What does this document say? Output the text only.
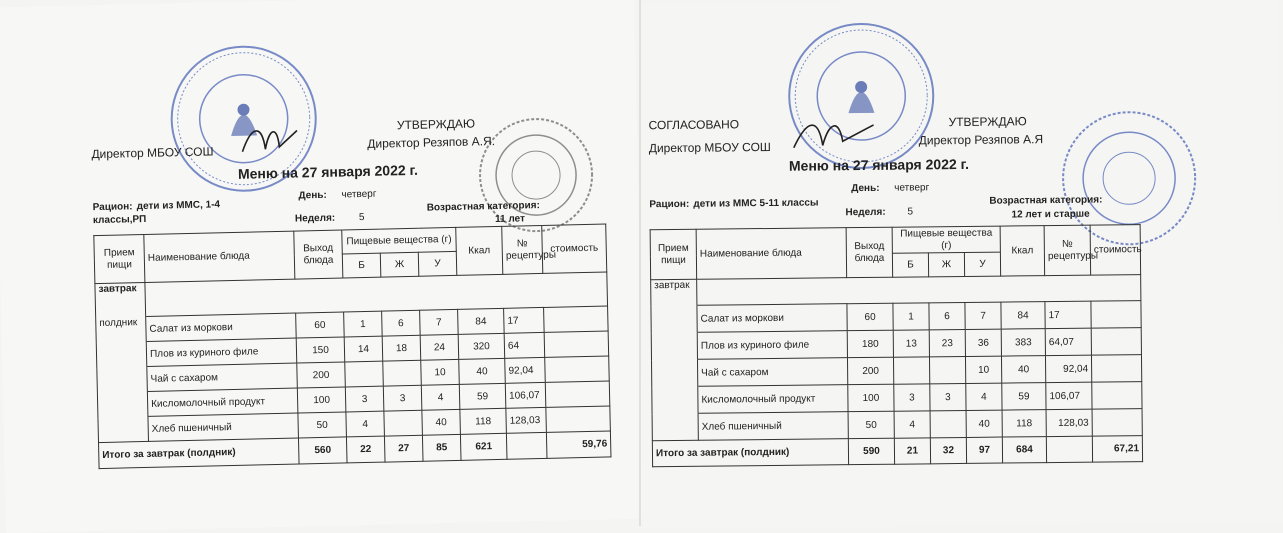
Директор МБОУ СОШ
УТВЕРЖДАЮ
Директор Резяпов А.Я.
Меню на 27 января 2022 г.
Рацион: дети из ММС, 1-4
классы,РП
День: четверг
Неделя: 5
Возрастная категория:
11 лет
Прием пищи	Наименование блюда	Выход блюда	Пищевые вещества (г)			Ккал	№ рецептуры	стоимость
			Б	Ж	У			
завтрак								
полдник	Салат из моркови	60	1	6	7	84	17	
	Плов из куриного филе	150	14	18	24	320	64	
	Чай с сахаром	200			10	40	92,04	
	Кисломолочный продукт	100	3	3	4	59	106,07	
	Хлеб пшеничный	50	4		40	118	128,03	
Итого за завтрак (полдник)		560	22	27	85	621		59,76
СОГЛАСОВАНО
Директор МБОУ СОШ
УТВЕРЖДАЮ
Директор Резяпов А.Я
Меню на 27 января 2022 г.
Рацион: дети из ММС 5-11 классы
День: четверг
Неделя: 5
Возрастная категория:
12 лет и старше
Прием пищи	Наименование блюда	Выход блюда	Пищевые вещества (г)			Ккал	№ рецептуры	стоимость
			Б	Ж	У			
завтрак								
	Салат из моркови	60	1	6	7	84	17	
	Плов из куриного филе	180	13	23	36	383	64,07	
	Чай с сахаром	200			10	40	92,04	
	Кисломолочный продукт	100	3	3	4	59	106,07	
	Хлеб пшеничный	50	4		40	118	128,03	
Итого за завтрак (полдник)		590	21	32	97	684		67,21
